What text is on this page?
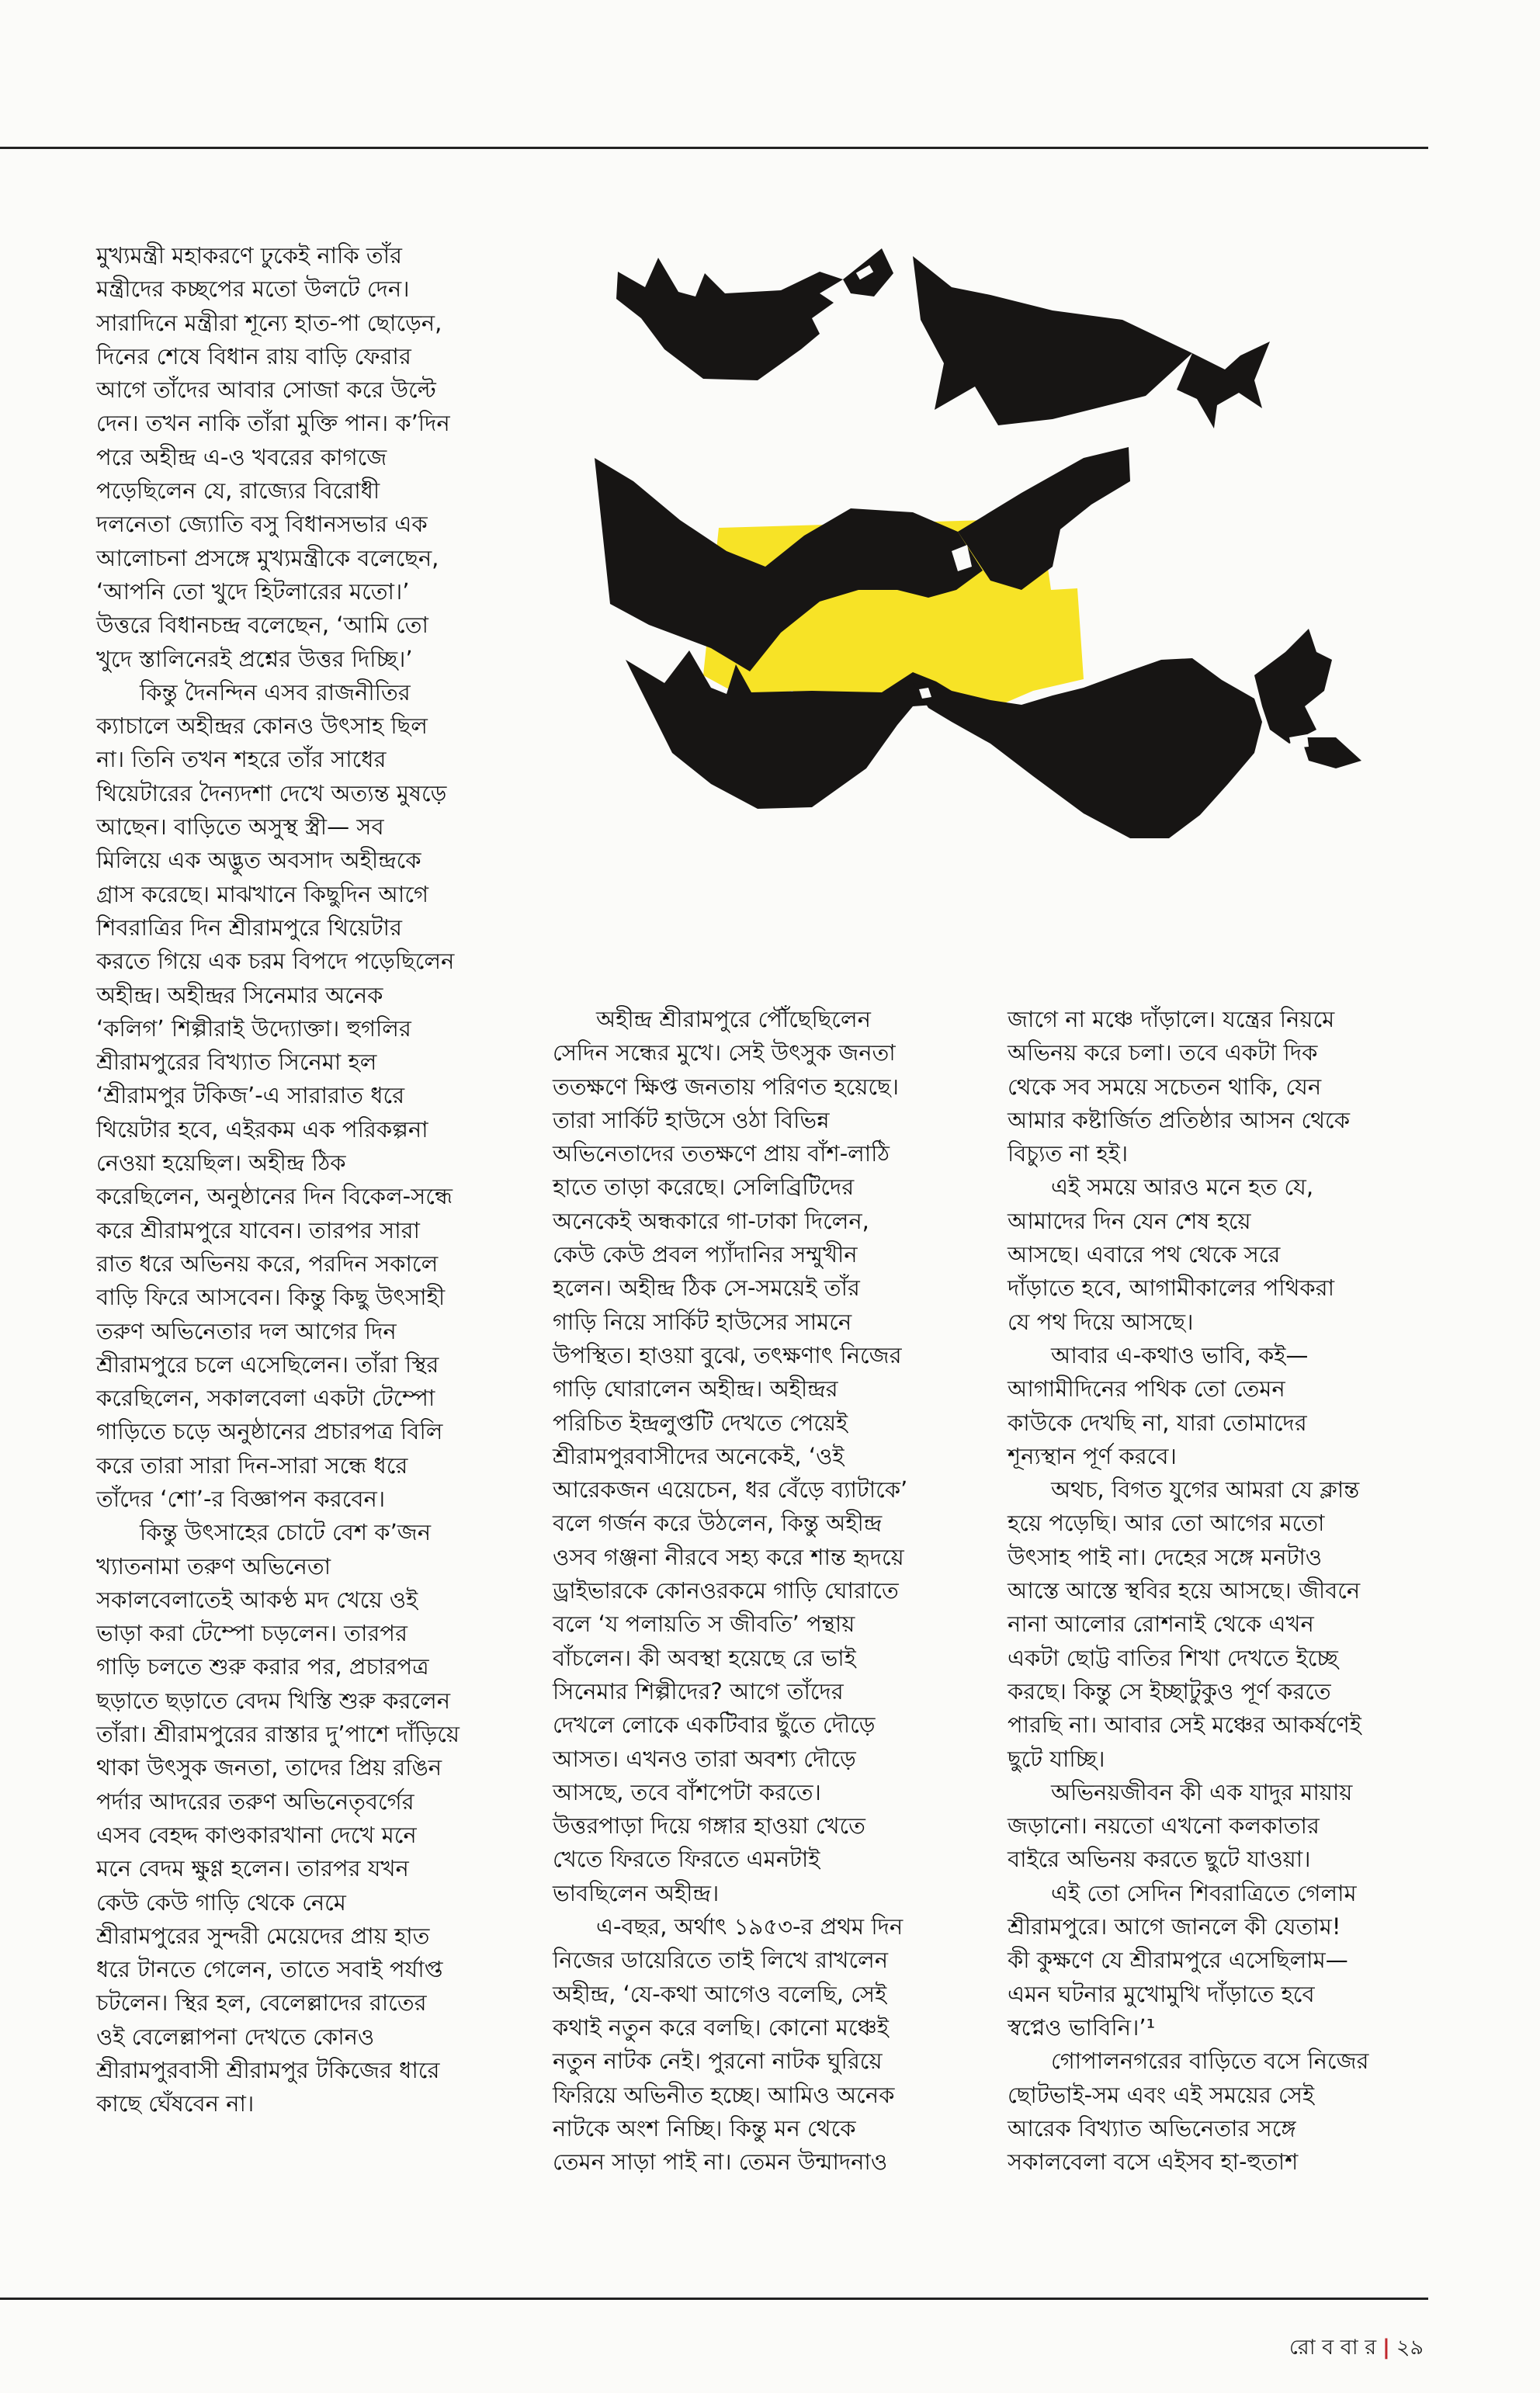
মুখ্যমন্ত্রী মহাকরণে ঢুকেই নাকি তাঁর

মন্ত্রীদের কচ্ছপের মতো উলটে দেন।

সারাদিনে মন্ত্রীরা শূন্যে হাত-পা ছোড়েন,

দিনের শেষে বিধান রায় বাড়ি ফেরার

আগে তাঁদের আবার সোজা করে উল্টে

দেন। তখন নাকি তাঁরা মুক্তি পান। ক’দিন

পরে অহীন্দ্র এ-ও খবরের কাগজে

পড়েছিলেন যে, রাজ্যের বিরোধী

দলনেতা জ্যোতি বসু বিধানসভার এক

আলোচনা প্রসঙ্গে মুখ্যমন্ত্রীকে বলেছেন,

‘আপনি তো খুদে হিটলারের মতো।’

উত্তরে বিধানচন্দ্র বলেছেন, ‘আমি তো

খুদে স্তালিনেরই প্রশ্নের উত্তর দিচ্ছি।’

কিন্তু দৈনন্দিন এসব রাজনীতির

ক্যাচালে অহীন্দ্রর কোনও উৎসাহ ছিল

না। তিনি তখন শহরে তাঁর সাধের

থিয়েটারের দৈন্যদশা দেখে অত্যন্ত মুষড়ে

আছেন। বাড়িতে অসুস্থ স্ত্রী— সব

মিলিয়ে এক অদ্ভুত অবসাদ অহীন্দ্রকে

গ্রাস করেছে। মাঝখানে কিছুদিন আগে

শিবরাত্রির দিন শ্রীরামপুরে থিয়েটার

করতে গিয়ে এক চরম বিপদে পড়েছিলেন

অহীন্দ্র। অহীন্দ্রর সিনেমার অনেক

‘কলিগ’ শিল্পীরাই উদ্যোক্তা। হুগলির

শ্রীরামপুরের বিখ্যাত সিনেমা হল

‘শ্রীরামপুর টকিজ’-এ সারারাত ধরে

থিয়েটার হবে, এইরকম এক পরিকল্পনা

নেওয়া হয়েছিল। অহীন্দ্র ঠিক

করেছিলেন, অনুষ্ঠানের দিন বিকেল-সন্ধে

করে শ্রীরামপুরে যাবেন। তারপর সারা

রাত ধরে অভিনয় করে, পরদিন সকালে

বাড়ি ফিরে আসবেন। কিন্তু কিছু উৎসাহী

তরুণ অভিনেতার দল আগের দিন

শ্রীরামপুরে চলে এসেছিলেন। তাঁরা স্থির

করেছিলেন, সকালবেলা একটা টেম্পো

গাড়িতে চড়ে অনুষ্ঠানের প্রচারপত্র বিলি

করে তারা সারা দিন-সারা সন্ধে ধরে

তাঁদের ‘শো’-র বিজ্ঞাপন করবেন।

কিন্তু উৎসাহের চোটে বেশ ক’জন

খ্যাতনামা তরুণ অভিনেতা

সকালবেলাতেই আকণ্ঠ মদ খেয়ে ওই

ভাড়া করা টেম্পো চড়লেন। তারপর

গাড়ি চলতে শুরু করার পর, প্রচারপত্র

ছড়াতে ছড়াতে বেদম খিস্তি শুরু করলেন

তাঁরা। শ্রীরামপুরের রাস্তার দু’পাশে দাঁড়িয়ে

থাকা উৎসুক জনতা, তাদের প্রিয় রঙিন

পর্দার আদরের তরুণ অভিনেতৃবর্গের

এসব বেহদ্দ কাণ্ডকারখানা দেখে মনে

মনে বেদম ক্ষুণ্ণ হলেন। তারপর যখন

কেউ কেউ গাড়ি থেকে নেমে

শ্রীরামপুরের সুন্দরী মেয়েদের প্রায় হাত

ধরে টানতে গেলেন, তাতে সবাই পর্যাপ্ত

চটলেন। স্থির হল, বেলেল্লাদের রাতের

ওই বেলেল্লাপনা দেখতে কোনও

শ্রীরামপুরবাসী শ্রীরামপুর টকিজের ধারে

কাছে ঘেঁষবেন না।

অহীন্দ্র শ্রীরামপুরে পৌঁছেছিলেন

সেদিন সন্ধের মুখে। সেই উৎসুক জনতা

ততক্ষণে ক্ষিপ্ত জনতায় পরিণত হয়েছে।

তারা সার্কিট হাউসে ওঠা বিভিন্ন

অভিনেতাদের ততক্ষণে প্রায় বাঁশ-লাঠি

হাতে তাড়া করেছে। সেলিব্রিটিদের

অনেকেই অন্ধকারে গা-ঢাকা দিলেন,

কেউ কেউ প্রবল প্যাঁদানির সম্মুখীন

হলেন। অহীন্দ্র ঠিক সে-সময়েই তাঁর

গাড়ি নিয়ে সার্কিট হাউসের সামনে

উপস্থিত। হাওয়া বুঝে, তৎক্ষণাৎ নিজের

গাড়ি ঘোরালেন অহীন্দ্র। অহীন্দ্রর

পরিচিত ইন্দ্রলুপ্তটি দেখতে পেয়েই

শ্রীরামপুরবাসীদের অনেকেই, ‘ওই

আরেকজন এয়েচেন, ধর বেঁড়ে ব্যাটাকে’

বলে গর্জন করে উঠলেন, কিন্তু অহীন্দ্র

ওসব গঞ্জনা নীরবে সহ্য করে শান্ত হৃদয়ে

ড্রাইভারকে কোনওরকমে গাড়ি ঘোরাতে

বলে ‘য পলায়তি স জীবতি’ পন্থায়

বাঁচলেন। কী অবস্থা হয়েছে রে ভাই

সিনেমার শিল্পীদের? আগে তাঁদের

দেখলে লোকে একটিবার ছুঁতে দৌড়ে

আসত। এখনও তারা অবশ্য দৌড়ে

আসছে, তবে বাঁশপেটা করতে।

উত্তরপাড়া দিয়ে গঙ্গার হাওয়া খেতে

খেতে ফিরতে ফিরতে এমনটাই

ভাবছিলেন অহীন্দ্র।

এ-বছর, অর্থাৎ ১৯৫৩-র প্রথম দিন

নিজের ডায়েরিতে তাই লিখে রাখলেন

অহীন্দ্র, ‘যে-কথা আগেও বলেছি, সেই

কথাই নতুন করে বলছি। কোনো মঞ্চেই

নতুন নাটক নেই। পুরনো নাটক ঘুরিয়ে

ফিরিয়ে অভিনীত হচ্ছে। আমিও অনেক

নাটকে অংশ নিচ্ছি। কিন্তু মন থেকে

তেমন সাড়া পাই না। তেমন উন্মাদনাও

জাগে না মঞ্চে দাঁড়ালে। যন্ত্রের নিয়মে

অভিনয় করে চলা। তবে একটা দিক

থেকে সব সময়ে সচেতন থাকি, যেন

আমার কষ্টার্জিত প্রতিষ্ঠার আসন থেকে

বিচ্যুত না হই।

এই সময়ে আরও মনে হত যে,

আমাদের দিন যেন শেষ হয়ে

আসছে। এবারে পথ থেকে সরে

দাঁড়াতে হবে, আগামীকালের পথিকরা

যে পথ দিয়ে আসছে।

আবার এ-কথাও ভাবি, কই—

আগামীদিনের পথিক তো তেমন

কাউকে দেখছি না, যারা তোমাদের

শূন্যস্থান পূর্ণ করবে।

অথচ, বিগত যুগের আমরা যে ক্লান্ত

হয়ে পড়েছি। আর তো আগের মতো

উৎসাহ পাই না। দেহের সঙ্গে মনটাও

আস্তে আস্তে স্থবির হয়ে আসছে। জীবনে

নানা আলোর রোশনাই থেকে এখন

একটা ছোট্ট বাতির শিখা দেখতে ইচ্ছে

করছে। কিন্তু সে ইচ্ছাটুকুও পূর্ণ করতে

পারছি না। আবার সেই মঞ্চের আকর্ষণেই

ছুটে যাচ্ছি।

অভিনয়জীবন কী এক যাদুর মায়ায়

জড়ানো। নয়তো এখনো কলকাতার

বাইরে অভিনয় করতে ছুটে যাওয়া।

এই তো সেদিন শিবরাত্রিতে গেলাম

শ্রীরামপুরে। আগে জানলে কী যেতাম!

কী কুক্ষণে যে শ্রীরামপুরে এসেছিলাম—

এমন ঘটনার মুখোমুখি দাঁড়াতে হবে

স্বপ্নেও ভাবিনি।’¹

গোপালনগরের বাড়িতে বসে নিজের

ছোটভাই-সম এবং এই সময়ের সেই

আরেক বিখ্যাত অভিনেতার সঙ্গে

সকালবেলা বসে এইসব হা-হুতাশ

রো ব বা র | ২৯
